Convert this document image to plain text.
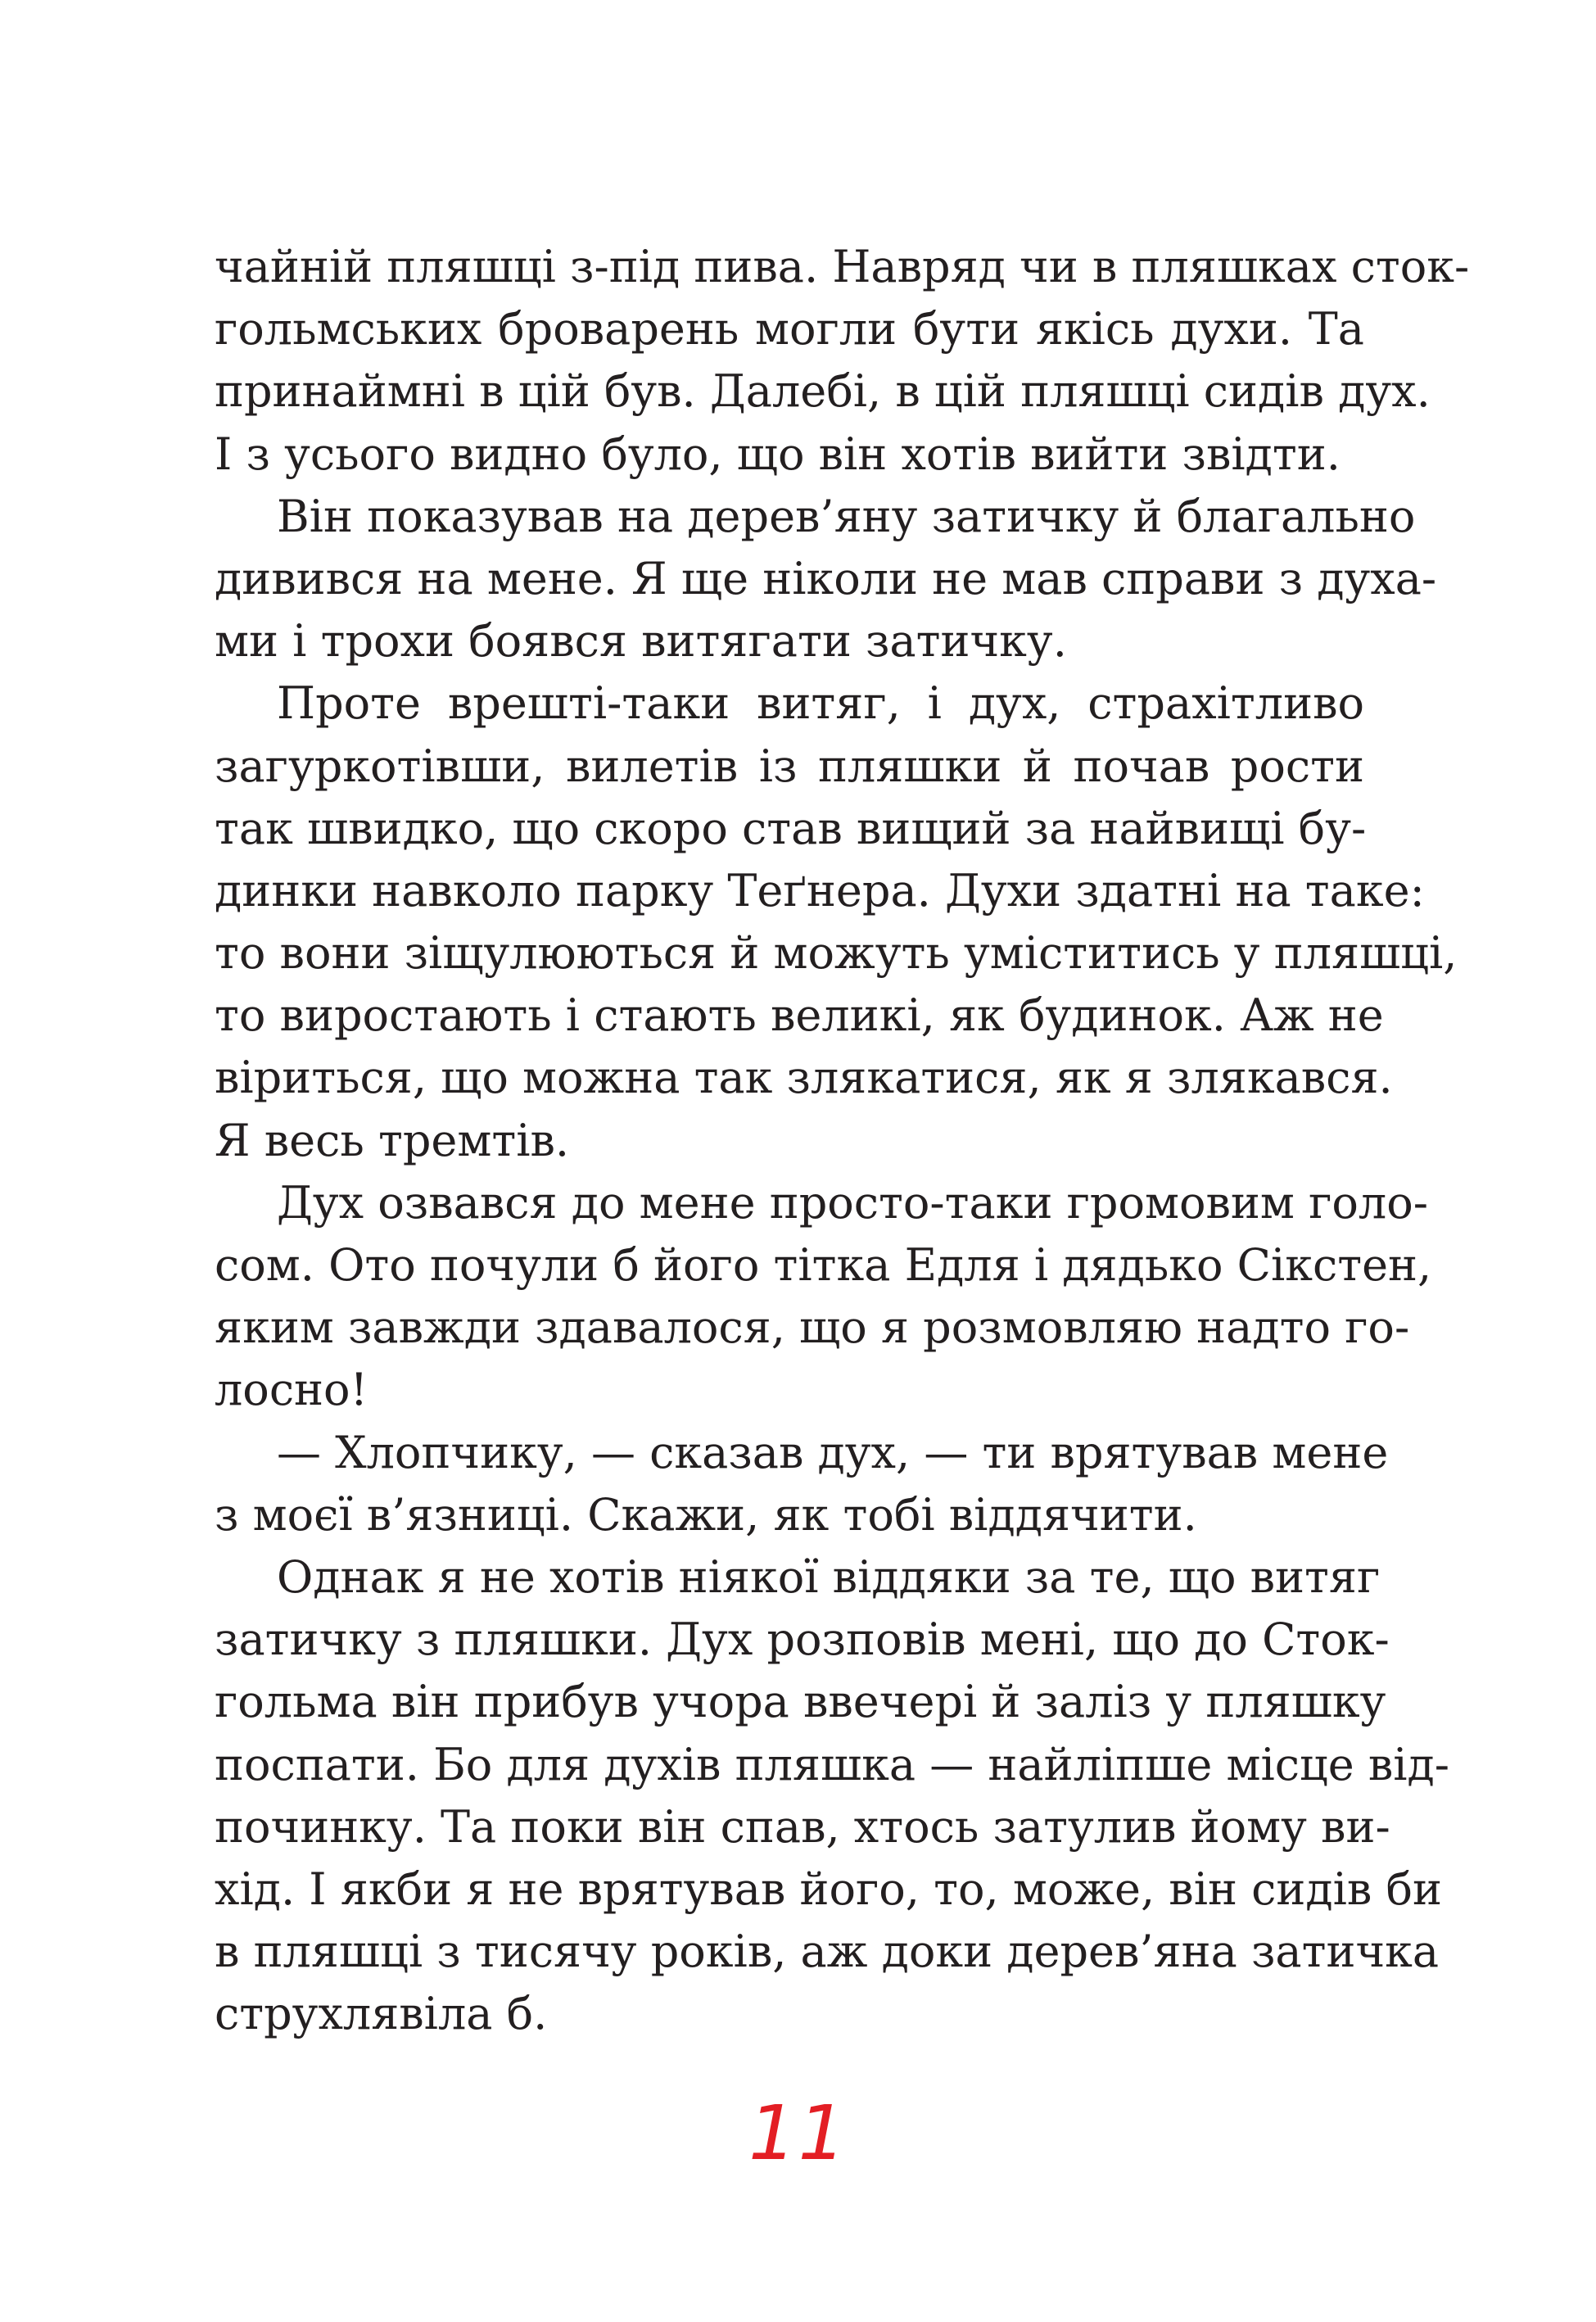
чайній пляшці з-під пива. Навряд чи в пляшках сток-
гольмських броварень могли бути якісь духи. Та
принаймні в цій був. Далебі, в цій пляшці сидів дух.
І з усього видно було, що він хотів вийти звідти.
Він показував на дерев’яну затичку й благально
дивився на мене. Я ще ніколи не мав справи з духа-
ми і трохи боявся витягати затичку.
Проте врешті-таки витяг, і дух, страхітливо
загуркотівши, вилетів із пляшки й почав рости
так швидко, що скоро став вищий за найвищі бу-
динки навколо парку Теґнера. Духи здатні на таке:
то вони зіщулюються й можуть уміститись у пляшці,
то виростають і стають великі, як будинок. Аж не
віриться, що можна так злякатися, як я злякався.
Я весь тремтів.
Дух озвався до мене просто-таки громовим голо-
сом. Ото почули б його тітка Едля і дядько Сікстен,
яким завжди здавалося, що я розмовляю надто го-
лосно!
— Хлопчику, — сказав дух, — ти врятував мене
з моєї в’язниці. Скажи, як тобі віддячити.
Однак я не хотів ніякої віддяки за те, що витяг
затичку з пляшки. Дух розповів мені, що до Сток-
гольма він прибув учора ввечері й заліз у пляшку
поспати. Бо для духів пляшка — найліпше місце від-
починку. Та поки він спав, хтось затулив йому ви-
хід. І якби я не врятував його, то, може, він сидів би
в пляшці з тисячу років, аж доки дерев’яна затичка
струхлявіла б.
11
